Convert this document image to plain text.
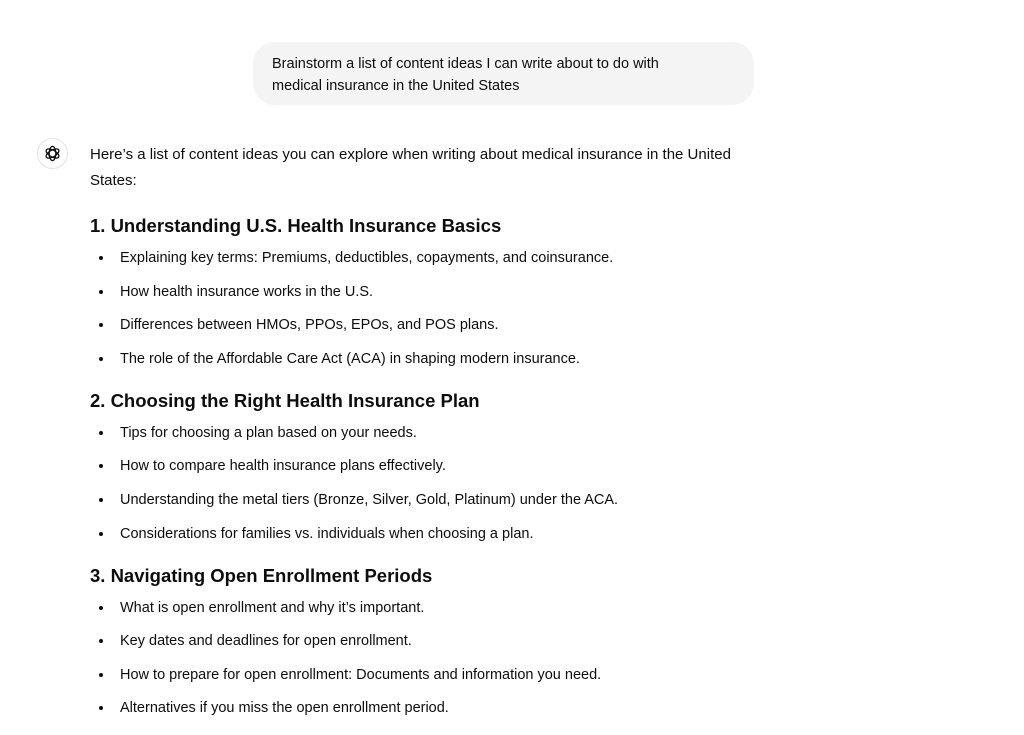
Brainstorm a list of content ideas I can write about to do with
medical insurance in the United States

Here’s a list of content ideas you can explore when writing about medical insurance in the United States:

1. Understanding U.S. Health Insurance Basics
Explaining key terms: Premiums, deductibles, copayments, and coinsurance.
How health insurance works in the U.S.
Differences between HMOs, PPOs, EPOs, and POS plans.
The role of the Affordable Care Act (ACA) in shaping modern insurance.
2. Choosing the Right Health Insurance Plan
Tips for choosing a plan based on your needs.
How to compare health insurance plans effectively.
Understanding the metal tiers (Bronze, Silver, Gold, Platinum) under the ACA.
Considerations for families vs. individuals when choosing a plan.
3. Navigating Open Enrollment Periods
What is open enrollment and why it’s important.
Key dates and deadlines for open enrollment.
How to prepare for open enrollment: Documents and information you need.
Alternatives if you miss the open enrollment period.
